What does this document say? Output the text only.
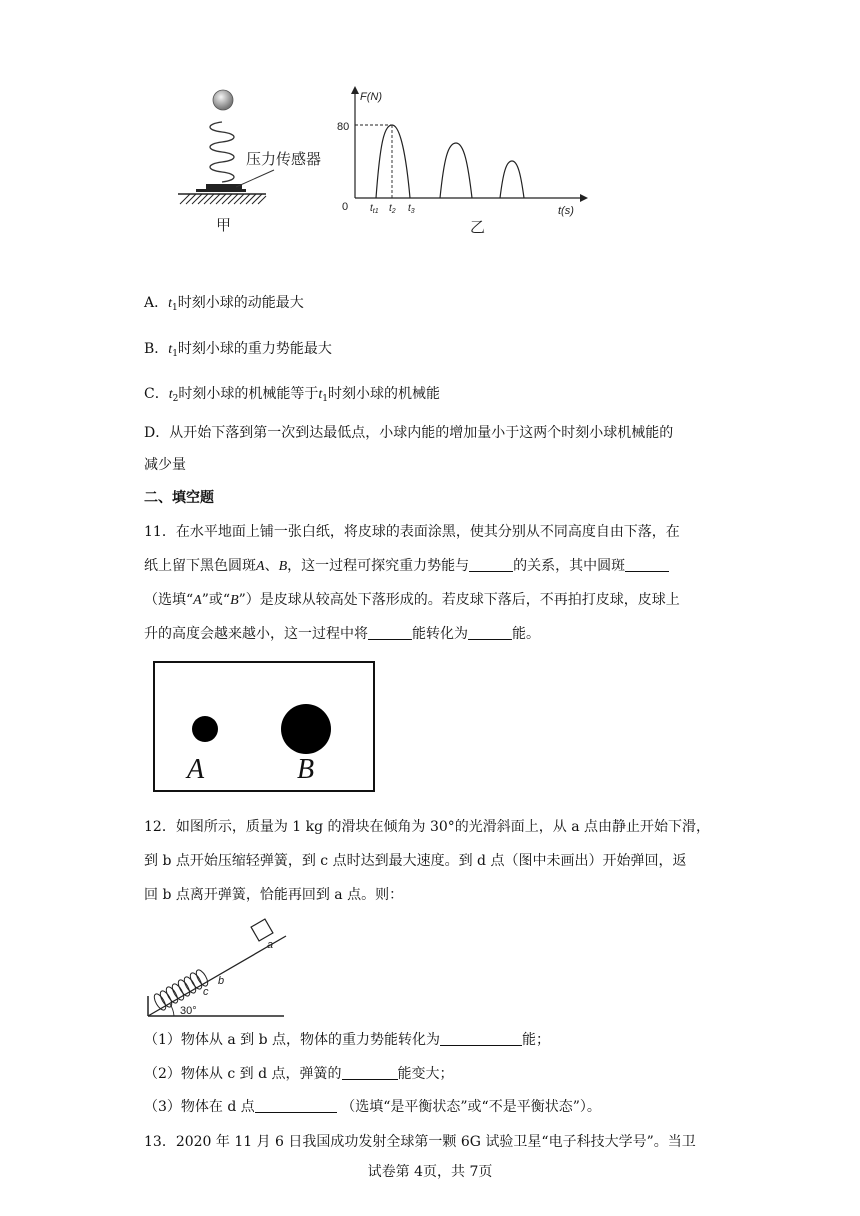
压力传感器
甲
F(N)
t(s)
80
0 $t_{t1}$ $t_2$ $t_3$
乙
A．$t_1$时刻小球的动能最大
B．$t_1$时刻小球的重力势能最大
C．$t_2$时刻小球的机械能等于$t_1$时刻小球的机械能
D．从开始下落到第一次到达最低点，小球内能的增加量小于这两个时刻小球机械能的
减少量
二、填空题
11．在水平地面上铺一张白纸，将皮球的表面涂黑，使其分别从不同高度自由下落，在
纸上留下黑色圆斑A、B，这一过程可探究重力势能与	的关系，其中圆斑
（选填“A”或“B”）是皮球从较高处下落形成的。若皮球下落后，不再拍打皮球，皮球上
升的高度会越来越小，这一过程中将	能转化为	能。
A	B
12．如图所示，质量为 1 kg 的滑块在倾角为 30°的光滑斜面上，从 a 点由静止开始下滑，
到 b 点开始压缩轻弹簧，到 c 点时达到最大速度。到 d 点（图中未画出）开始弹回，返
回 b 点离开弹簧，恰能再回到 a 点。则：
a
b
c
30°
（1）物体从 a 到 b 点，物体的重力势能转化为	能；
（2）物体从 c 到 d 点，弹簧的	能变大；
（3）物体在 d 点	（选填“是平衡状态”或“不是平衡状态”）。
13．2020 年 11 月 6 日我国成功发射全球第一颗 6G 试验卫星“电子科技大学号”。当卫
试卷第 4页，共 7页
